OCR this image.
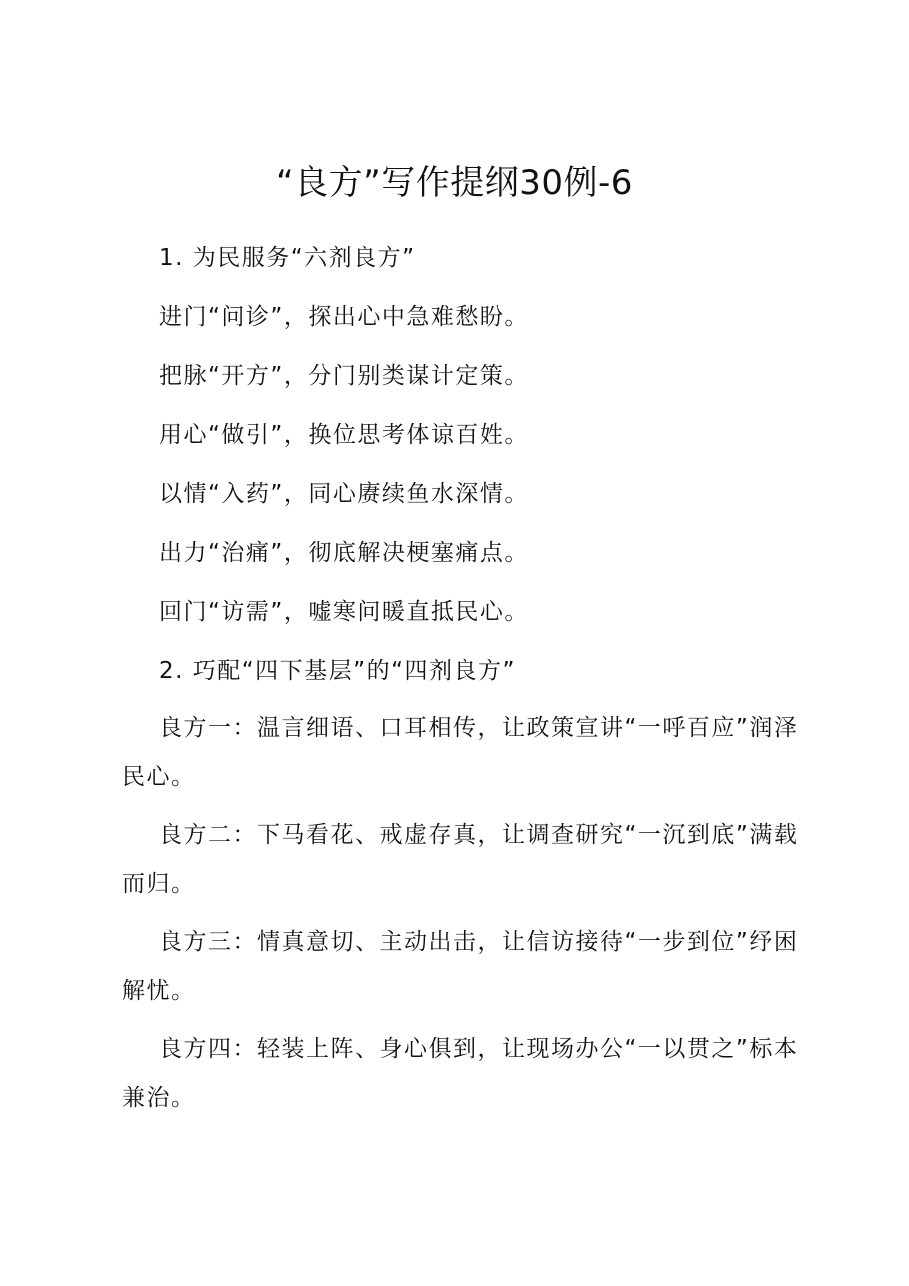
“良方”写作提纲30例-6
1. 为民服务“六剂良方”
进门“问诊”，探出心中急难愁盼。
把脉“开方”，分门别类谋计定策。
用心“做引”，换位思考体谅百姓。
以情“入药”，同心赓续鱼水深情。
出力“治痛”，彻底解决梗塞痛点。
回门“访需”，嘘寒问暖直抵民心。
2. 巧配“四下基层”的“四剂良方”
良方一：温言细语、口耳相传，让政策宣讲“一呼百应”润泽
民心。
良方二：下马看花、戒虚存真，让调查研究“一沉到底”满载
而归。
良方三：情真意切、主动出击，让信访接待“一步到位”纾困
解忧。
良方四：轻装上阵、身心俱到，让现场办公“一以贯之”标本
兼治。
